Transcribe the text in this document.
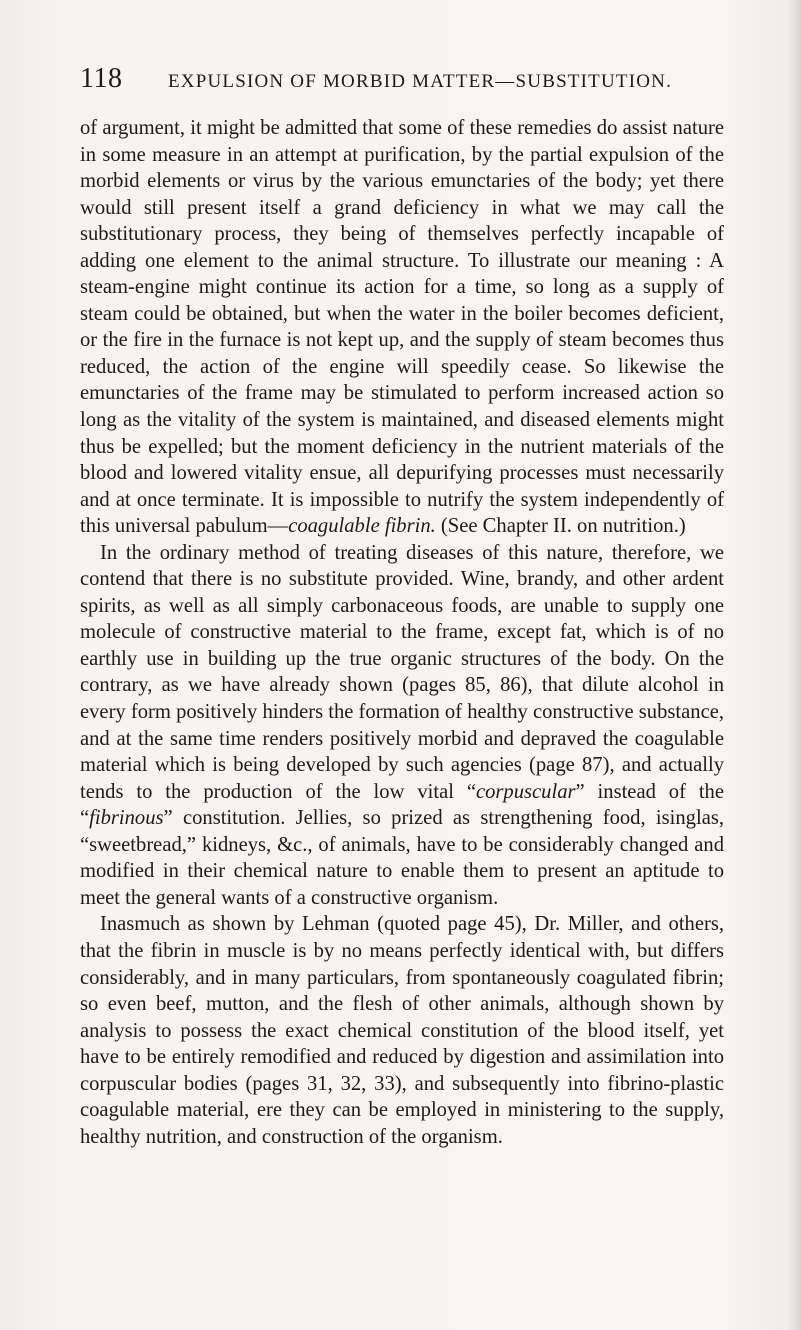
118	EXPULSION OF MORBID MATTER—SUBSTITUTION.

of argument, it might be admitted that some of these remedies do assist nature in some measure in an attempt at purification, by the partial expulsion of the morbid elements or virus by the various emunctaries of the body; yet there would still present itself a grand deficiency in what we may call the substitutionary process, they being of themselves perfectly incapable of adding one element to the animal structure. To illustrate our meaning : A steam-engine might continue its action for a time, so long as a supply of steam could be obtained, but when the water in the boiler becomes deficient, or the fire in the furnace is not kept up, and the supply of steam becomes thus reduced, the action of the engine will speedily cease. So likewise the emunctaries of the frame may be stimulated to perform increased action so long as the vitality of the system is maintained, and diseased elements might thus be expelled; but the moment deficiency in the nutrient materials of the blood and lowered vitality ensue, all depurifying processes must necessarily and at once terminate. It is impossible to nutrify the system independently of this universal pabulum—coagulable fibrin. (See Chapter II. on nutrition.)

In the ordinary method of treating diseases of this nature, therefore, we contend that there is no substitute provided. Wine, brandy, and other ardent spirits, as well as all simply carbonaceous foods, are unable to supply one molecule of constructive material to the frame, except fat, which is of no earthly use in building up the true organic structures of the body. On the contrary, as we have already shown (pages 85, 86), that dilute alcohol in every form positively hinders the formation of healthy constructive substance, and at the same time renders positively morbid and depraved the coagulable material which is being developed by such agencies (page 87), and actually tends to the production of the low vital “corpuscular” instead of the “fibrinous” constitution. Jellies, so prized as strengthening food, isinglas, “sweetbread,” kidneys, &c., of animals, have to be considerably changed and modified in their chemical nature to enable them to present an aptitude to meet the general wants of a constructive organism.

Inasmuch as shown by Lehman (quoted page 45), Dr. Miller, and others, that the fibrin in muscle is by no means perfectly identical with, but differs considerably, and in many particulars, from spontaneously coagulated fibrin; so even beef, mutton, and the flesh of other animals, although shown by analysis to possess the exact chemical constitution of the blood itself, yet have to be entirely remodified and reduced by digestion and assimilation into corpuscular bodies (pages 31, 32, 33), and subsequently into fibrino-plastic coagulable material, ere they can be employed in ministering to the supply, healthy nutrition, and construction of the organism.
